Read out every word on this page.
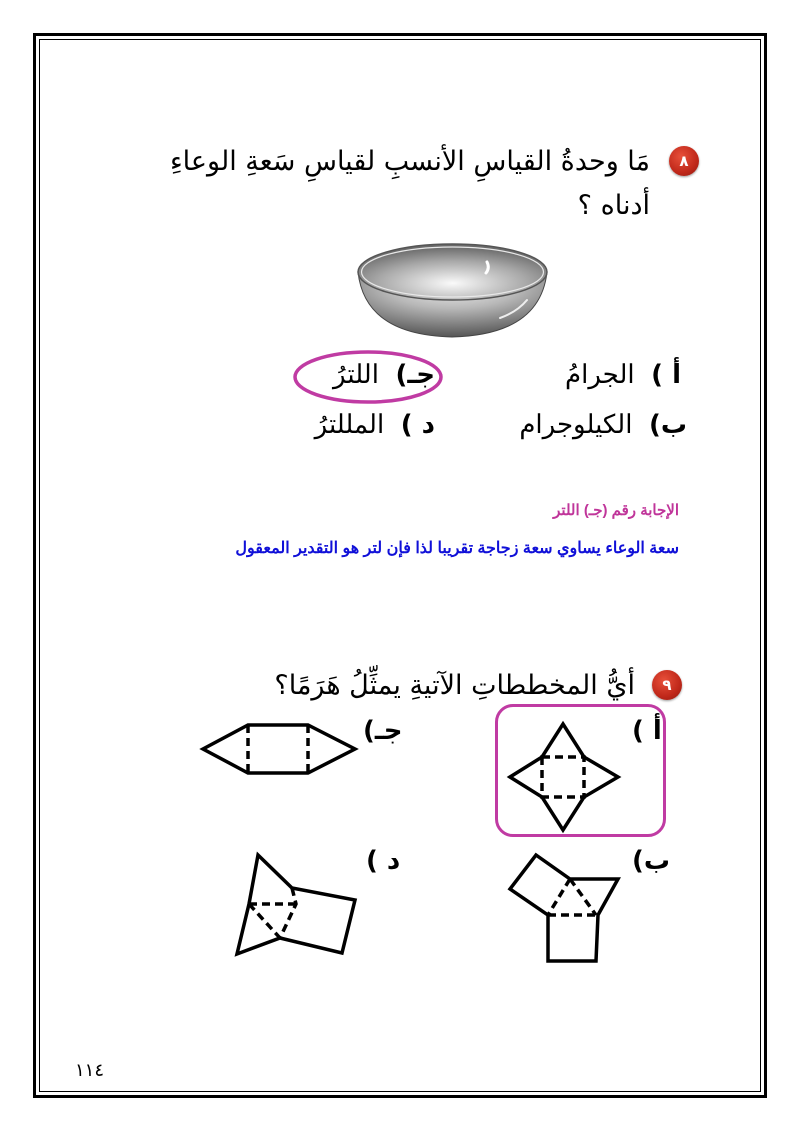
٨
مَا وحدةُ القياسِ الأنسبِ لقياسِ سَعةِ الوعاءِ
أدناه ؟
أ )  الجرامُ
ب)  الكيلوجرام
جـ)  اللترُ
د )  المللترُ
الإجابة رقم (جـ) اللتر
سعة الوعاء يساوي سعة زجاجة تقريبا لذا فإن لتر هو التقدير المعقول
٩
أيُّ المخططاتِ الآتيةِ يمثِّلُ هَرَمًا؟
جـ)	أ )
د )	ب)
١١٤
